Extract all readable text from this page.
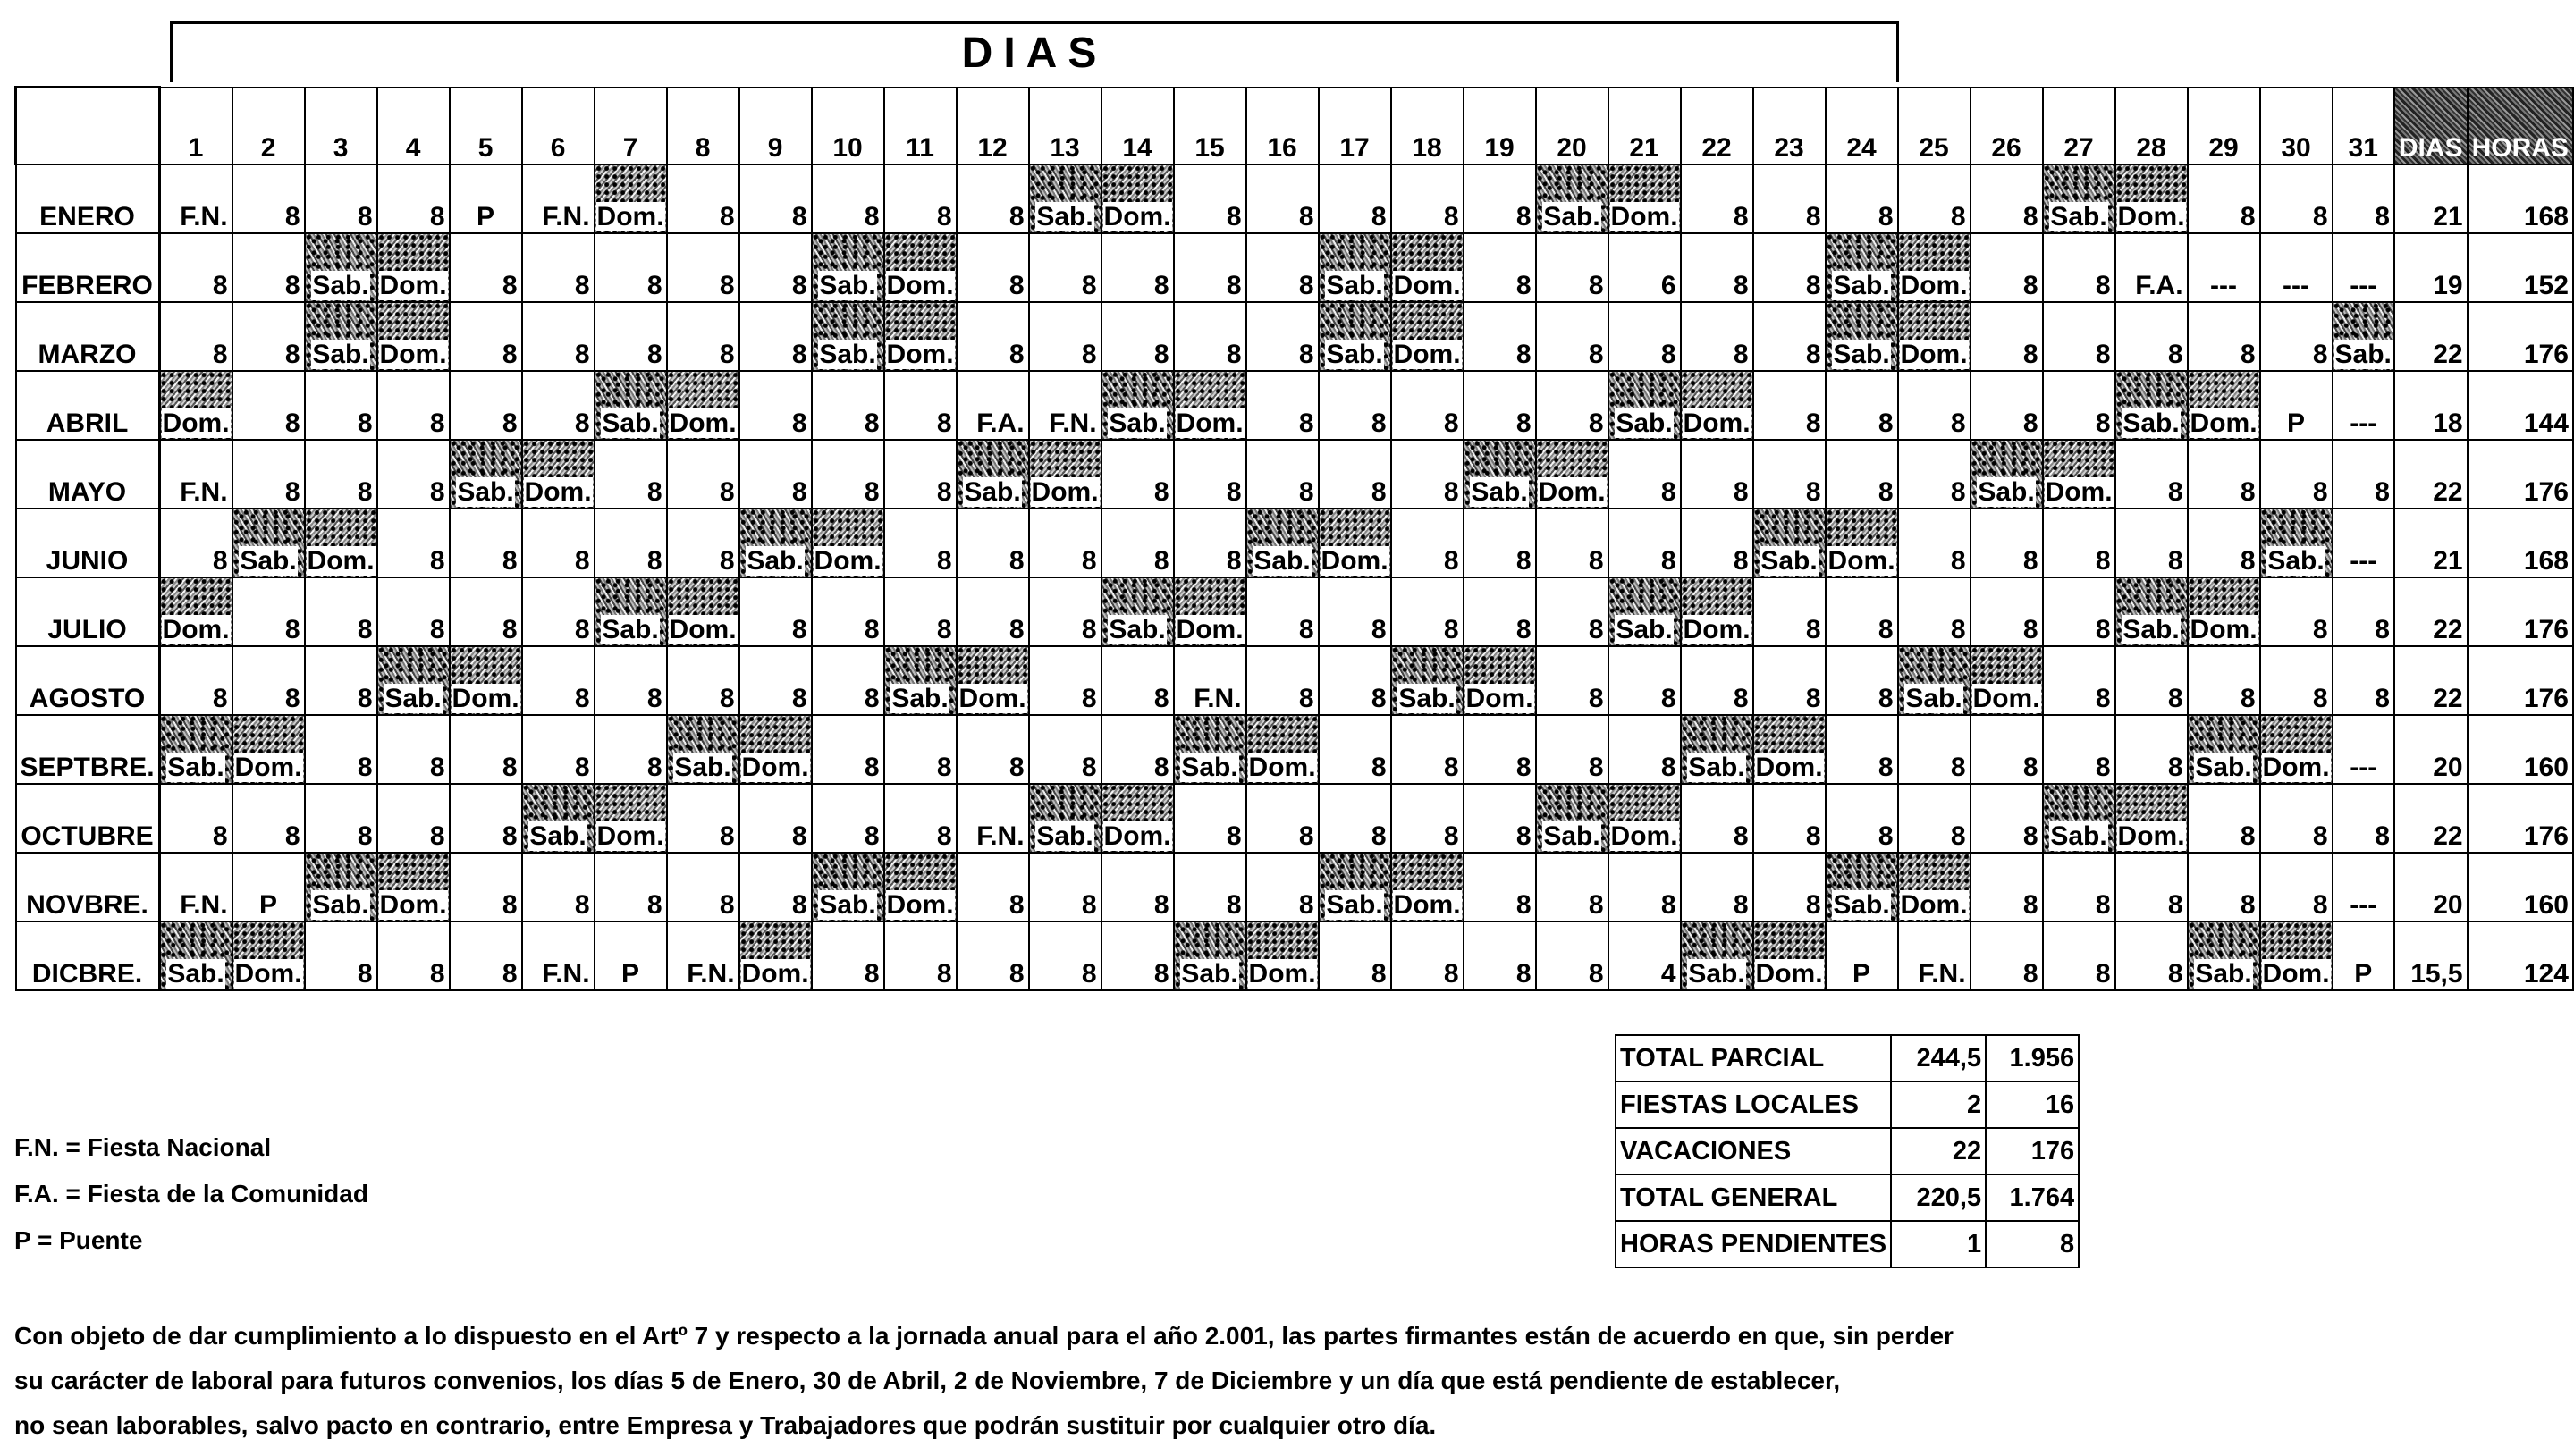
DIAS
	1	2	3	4	5	6	7	8	9	10	11	12	13	14	15	16	17	18	19	20	21	22	23	24	25	26	27	28	29	30	31	DIAS	HORAS
ENERO	F.N.	8	8	8	P	F.N.	Dom.	8	8	8	8	8	Sab.	Dom.	8	8	8	8	8	Sab.	Dom.	8	8	8	8	8	Sab.	Dom.	8	8	8	21	168
FEBRERO	8	8	Sab.	Dom.	8	8	8	8	8	Sab.	Dom.	8	8	8	8	8	Sab.	Dom.	8	8	6	8	8	Sab.	Dom.	8	8	F.A.	---	---	---	19	152
MARZO	8	8	Sab.	Dom.	8	8	8	8	8	Sab.	Dom.	8	8	8	8	8	Sab.	Dom.	8	8	8	8	8	Sab.	Dom.	8	8	8	8	8	Sab.	22	176
ABRIL	Dom.	8	8	8	8	8	Sab.	Dom.	8	8	8	F.A.	F.N.	Sab.	Dom.	8	8	8	8	8	Sab.	Dom.	8	8	8	8	8	Sab.	Dom.	P	---	18	144
MAYO	F.N.	8	8	8	Sab.	Dom.	8	8	8	8	8	Sab.	Dom.	8	8	8	8	8	Sab.	Dom.	8	8	8	8	8	Sab.	Dom.	8	8	8	8	22	176
JUNIO	8	Sab.	Dom.	8	8	8	8	8	Sab.	Dom.	8	8	8	8	8	Sab.	Dom.	8	8	8	8	8	Sab.	Dom.	8	8	8	8	8	Sab.	---	21	168
JULIO	Dom.	8	8	8	8	8	Sab.	Dom.	8	8	8	8	8	Sab.	Dom.	8	8	8	8	8	Sab.	Dom.	8	8	8	8	8	Sab.	Dom.	8	8	22	176
AGOSTO	8	8	8	Sab.	Dom.	8	8	8	8	8	Sab.	Dom.	8	8	F.N.	8	8	Sab.	Dom.	8	8	8	8	8	Sab.	Dom.	8	8	8	8	8	22	176
SEPTBRE.	Sab.	Dom.	8	8	8	8	8	Sab.	Dom.	8	8	8	8	8	Sab.	Dom.	8	8	8	8	8	Sab.	Dom.	8	8	8	8	8	Sab.	Dom.	---	20	160
OCTUBRE	8	8	8	8	8	Sab.	Dom.	8	8	8	8	F.N.	Sab.	Dom.	8	8	8	8	8	Sab.	Dom.	8	8	8	8	8	Sab.	Dom.	8	8	8	22	176
NOVBRE.	F.N.	P	Sab.	Dom.	8	8	8	8	8	Sab.	Dom.	8	8	8	8	8	Sab.	Dom.	8	8	8	8	8	Sab.	Dom.	8	8	8	8	8	---	20	160
DICBRE.	Sab.	Dom.	8	8	8	F.N.	P	F.N.	Dom.	8	8	8	8	8	Sab.	Dom.	8	8	8	8	4	Sab.	Dom.	P	F.N.	8	8	8	Sab.	Dom.	P	15,5	124
TOTAL PARCIAL	244,5	1.956
FIESTAS LOCALES	2	16
VACACIONES	22	176
TOTAL GENERAL	220,5	1.764
HORAS PENDIENTES	1	8
F.N. = Fiesta Nacional
F.A. = Fiesta de la Comunidad
P = Puente

Con objeto de dar cumplimiento a lo dispuesto en el Artº 7 y respecto a la jornada anual para el año 2.001, las partes firmantes están de acuerdo en que, sin perder

su carácter de laboral para futuros convenios, los días 5 de Enero, 30 de Abril, 2 de Noviembre, 7 de Diciembre y un día que está pendiente de establecer,

no sean laborables, salvo pacto en contrario, entre Empresa y Trabajadores que podrán sustituir por cualquier otro día.
